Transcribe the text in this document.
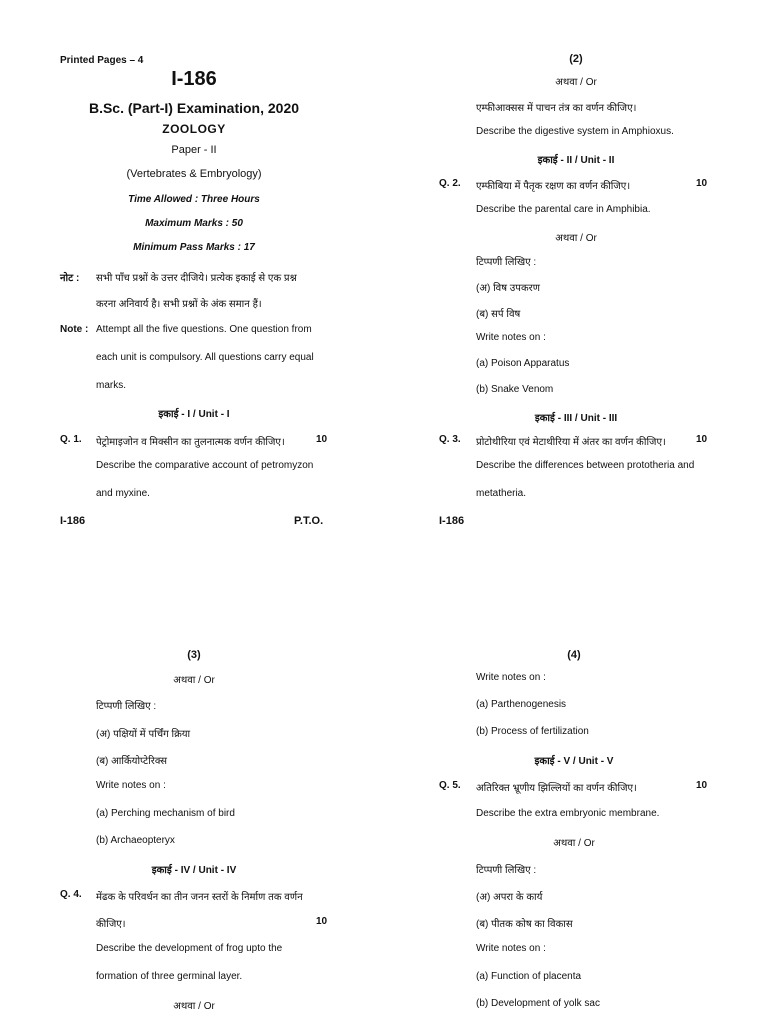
Printed Pages – 4
I-186
B.Sc. (Part-I) Examination, 2020
ZOOLOGY
Paper - II
(Vertebrates & Embryology)
Time Allowed : Three Hours
Maximum Marks : 50
Minimum Pass Marks : 17
नोट : सभी पाँच प्रश्नों के उत्तर दीजिये। प्रत्येक इकाई से एक प्रश्न
करना अनिवार्य है। सभी प्रश्नों के अंक समान हैं।
Note : Attempt all the five questions. One question from
each unit is compulsory. All questions carry equal
marks.
इकाई - I / Unit - I
Q. 1. पेट्रोमाइजोन व मिक्सीन का तुलनात्मक वर्णन कीजिए।	10
Describe the comparative account of petromyzon
and myxine.
I-186	P.T.O.
(2)
अथवा / Or
एम्फीआक्सस में पाचन तंत्र का वर्णन कीजिए।
Describe the digestive system in Amphioxus.
इकाई - II / Unit - II
Q. 2. एम्फीबिया में पैतृक रक्षण का वर्णन कीजिए।	10
Describe the parental care in Amphibia.
अथवा / Or
टिप्पणी लिखिए :
(अ) विष उपकरण
(ब) सर्प विष
Write notes on :
(a) Poison Apparatus
(b) Snake Venom
इकाई - III / Unit - III
Q. 3. प्रोटोथीरिया एवं मेटाथीरिया में अंतर का वर्णन कीजिए।	10
Describe the differences between prototheria and
metatheria.
I-186
(3)
अथवा / Or
टिप्पणी लिखिए :
(अ) पक्षियों में पर्चिंग क्रिया
(ब) आर्कियोप्टेरिक्स
Write notes on :
(a) Perching mechanism of bird
(b) Archaeopteryx
इकाई - IV / Unit - IV
Q. 4. मेंढक के परिवर्धन का तीन जनन स्तरों के निर्माण तक वर्णन
कीजिए।	10
Describe the development of frog upto the
formation of three germinal layer.
अथवा / Or
(4)
Write notes on :
(a) Parthenogenesis
(b) Process of fertilization
इकाई - V / Unit - V
Q. 5. अतिरिक्त भ्रूणीय झिल्लियों का वर्णन कीजिए।	10
Describe the extra embryonic membrane.
अथवा / Or
टिप्पणी लिखिए :
(अ) अपरा के कार्य
(ब) पीतक कोष का विकास
Write notes on :
(a) Function of placenta
(b) Development of yolk sac
